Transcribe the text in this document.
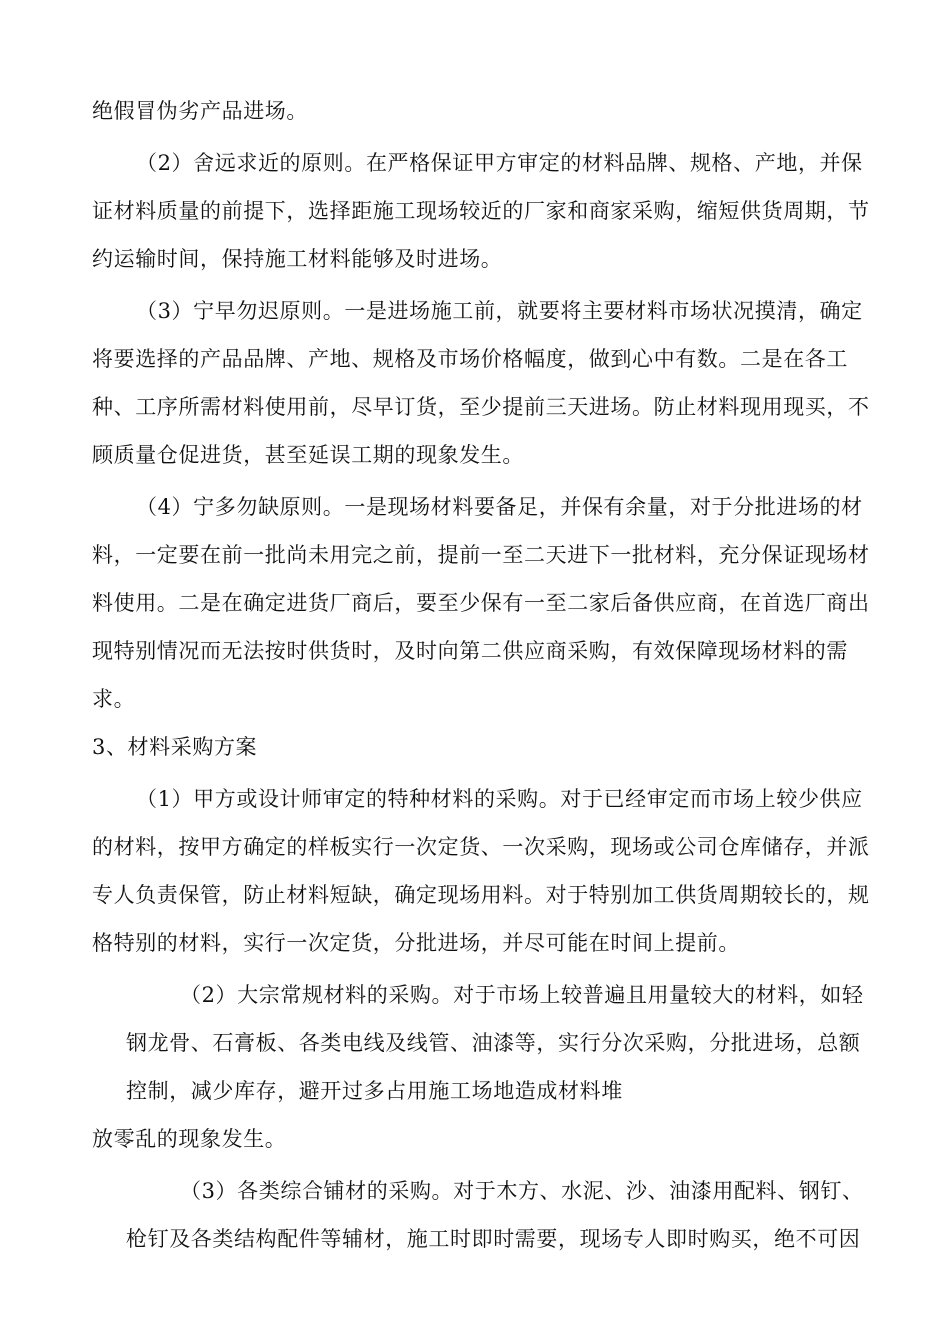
绝假冒伪劣产品进场。
（2）舍远求近的原则。在严格保证甲方审定的材料品牌、规格、产地，并保
证材料质量的前提下，选择距施工现场较近的厂家和商家采购，缩短供货周期，节
约运输时间，保持施工材料能够及时进场。
（3）宁早勿迟原则。一是进场施工前，就要将主要材料市场状况摸清，确定
将要选择的产品品牌、产地、规格及市场价格幅度，做到心中有数。二是在各工
种、工序所需材料使用前，尽早订货，至少提前三天进场。防止材料现用现买，不
顾质量仓促进货，甚至延误工期的现象发生。
（4）宁多勿缺原则。一是现场材料要备足，并保有余量，对于分批进场的材
料，一定要在前一批尚未用完之前，提前一至二天进下一批材料，充分保证现场材
料使用。二是在确定进货厂商后，要至少保有一至二家后备供应商，在首选厂商出
现特别情况而无法按时供货时，及时向第二供应商采购，有效保障现场材料的需
求。
3、材料采购方案
（1）甲方或设计师审定的特种材料的采购。对于已经审定而市场上较少供应
的材料，按甲方确定的样板实行一次定货、一次采购，现场或公司仓库储存，并派
专人负责保管，防止材料短缺，确定现场用料。对于特别加工供货周期较长的，规
格特别的材料，实行一次定货，分批进场，并尽可能在时间上提前。
（2）大宗常规材料的采购。对于市场上较普遍且用量较大的材料，如轻
钢龙骨、石膏板、各类电线及线管、油漆等，实行分次采购，分批进场，总额
控制，减少库存，避开过多占用施工场地造成材料堆
放零乱的现象发生。
（3）各类综合铺材的采购。对于木方、水泥、沙、油漆用配料、钢钉、
枪钉及各类结构配件等辅材，施工时即时需要，现场专人即时购买，绝不可因
